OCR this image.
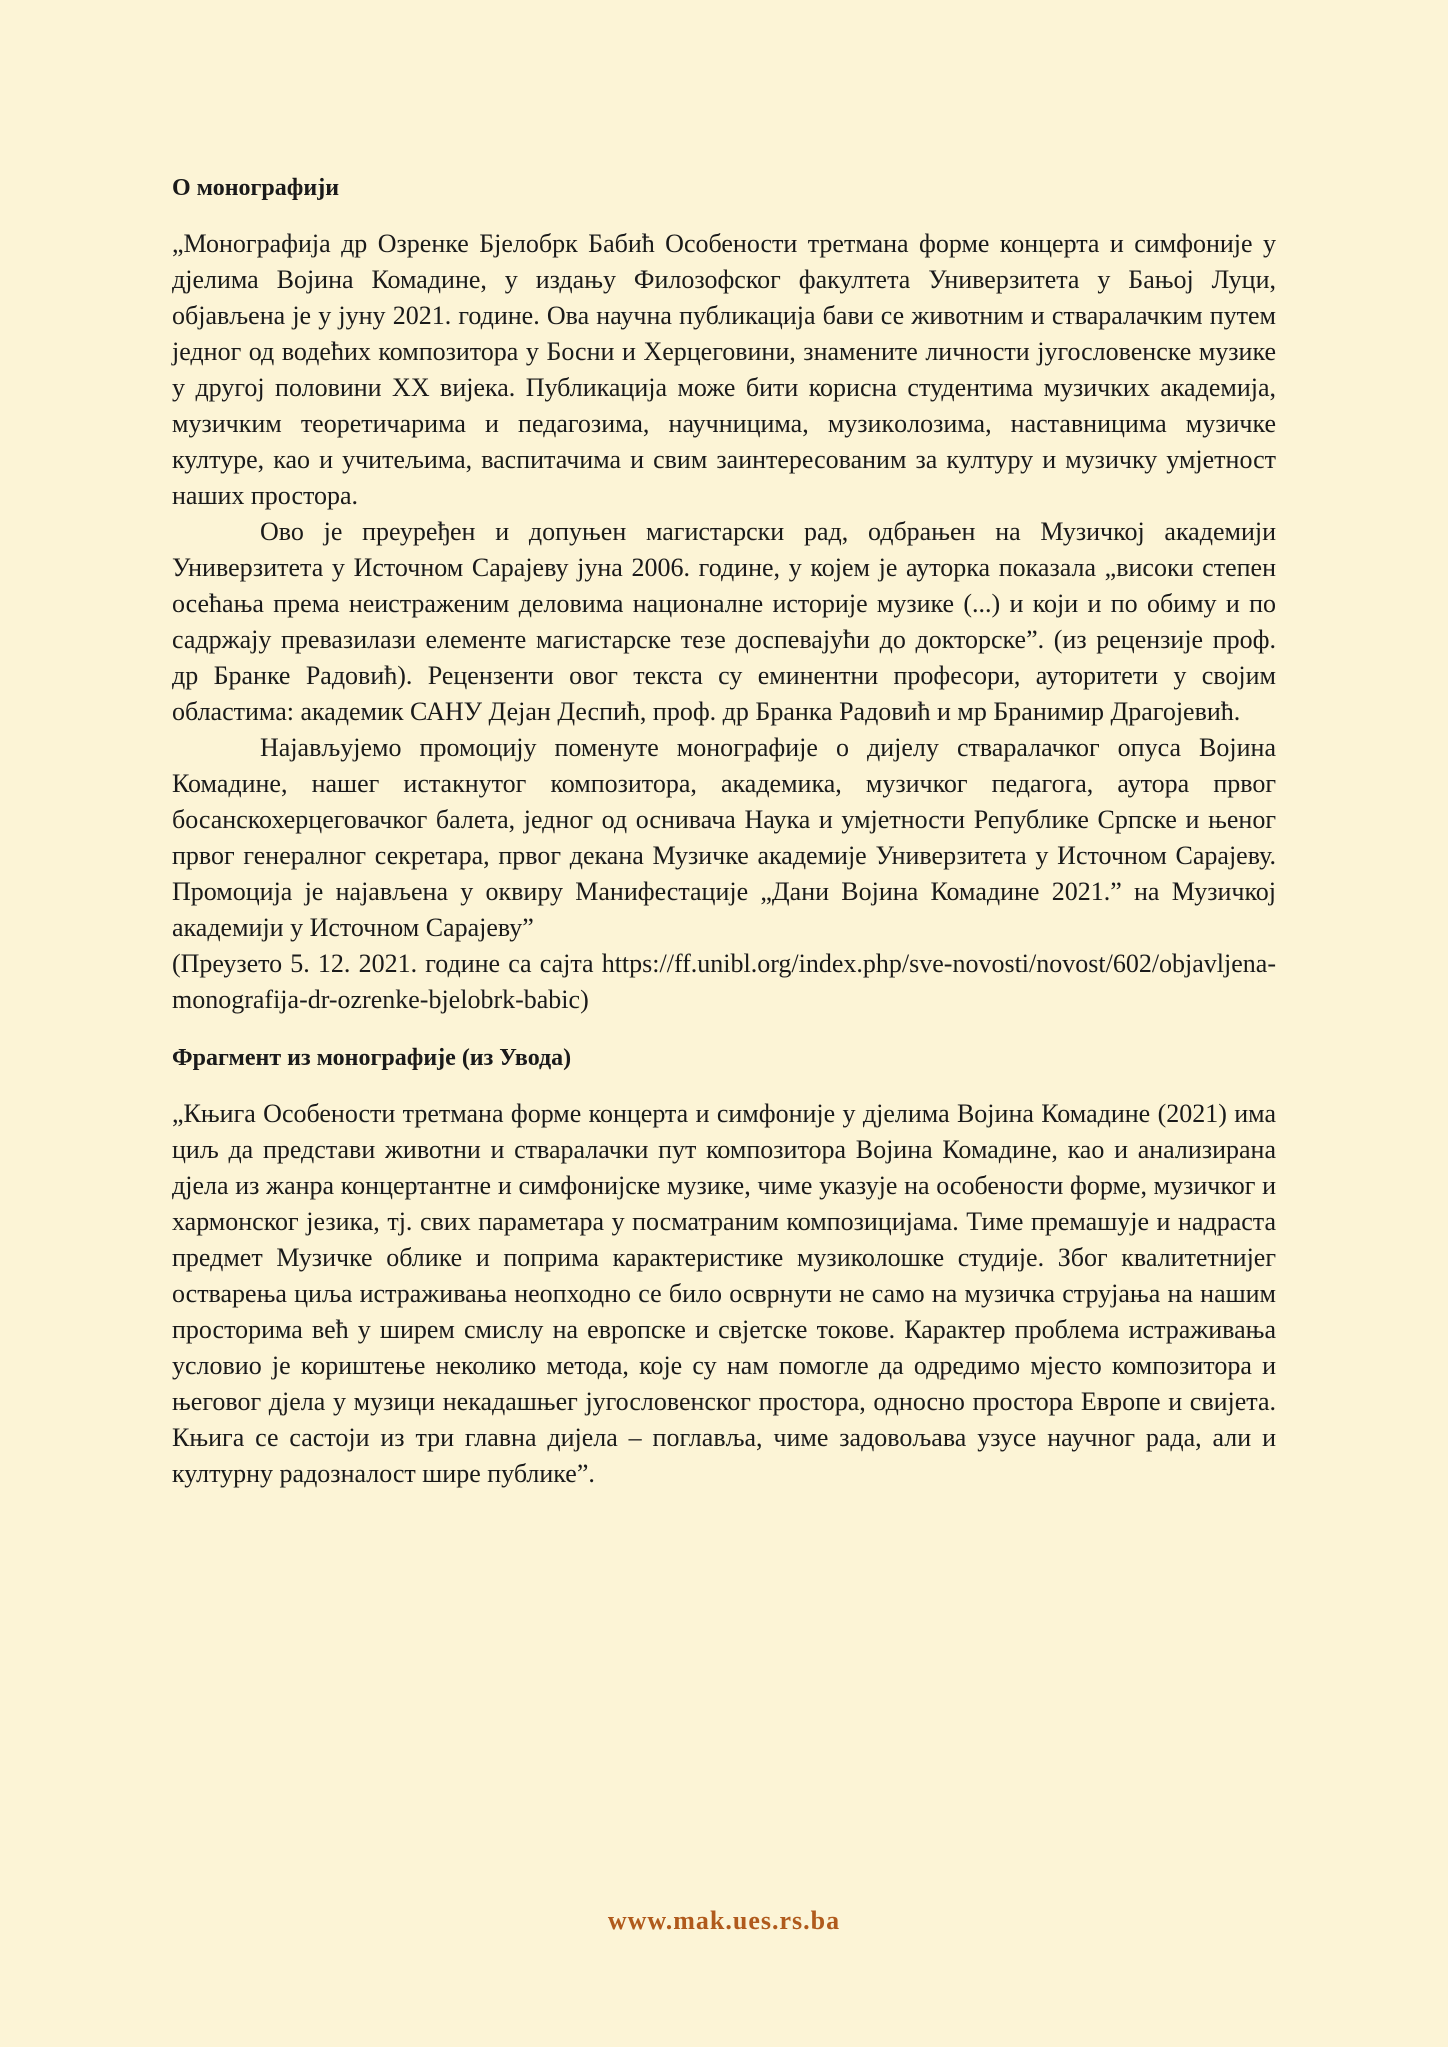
О монографији

„Монографија др Озренке Бјелобрк Бабић Особености третмана форме концерта и симфоније у дјелима Војина Комадине, у издању Филозофског факултета Универзитета у Бањој Луци, објављена је у јуну 2021. године. Ова научна публикација бави се животним и стваралачким путем једног од водећих композитора у Босни и Херцеговини, знамените личности југословенске музике у другој половини XX вијека. Публикација може бити корисна студентима музичких академија, музичким теоретичарима и педагозима, научницима, музикoлозима, наставницима музичке културе, као и учитељима, васпитачима и свим заинтересованим за културу и музичку умјетност наших простора.

Ово је преуређен и допуњен магистарски рад, одбрањен на Музичкој академији Универзитета у Источном Сарајеву јуна 2006. године, у којем је ауторка показала „високи степен осећања према неистраженим деловима националне историје музике (...) и који и по обиму и по садржају превазилази елементе магистарске тезе доспевајући до докторске”. (из рецензије проф. др Бранке Радовић). Рецензенти овог текста су еминентни професори, ауторитети у својим областима: академик САНУ Дејан Деспић, проф. др Бранка Радовић и мр Бранимир Драгојевић.

Најављујемо промоцију поменуте монографије о дијелу стваралачког опуса Војина Комадине, нашег истакнутог композитора, академика, музичког педагога, аутора првог босанскохерцеговачког балета, једног од оснивача Наука и умјетности Републике Српске и њеног првог генералног секретара, првог декана Музичке академије Универзитета у Источном Сарајеву. Промоција је најављена у оквиру Манифестације „Дани Војина Комадине 2021.” на Музичкој академији у Источном Сарајеву”

(Преузето 5. 12. 2021. године са сајта https://ff.unibl.org/index.php/sve-novosti/novost/602/objavljena-monografija-dr-ozrenke-bjelobrk-babic)

Фрагмент из монографије (из Увода)

„Књига Особености третмана форме концерта и симфоније у дјелима Војина Комадине (2021) има циљ да представи животни и стваралачки пут композитора Војина Комадине, као и анализирана дјела из жанра концертантне и симфонијске музике, чиме указује на особености форме, музичког и хармонског језика, тј. свих параметара у посматраним композицијама. Тиме премашује и надраста предмет Музичке облике и поприма карактеристике музиколошке студије. Због квалитетнијег остварења циља истраживања неопходно се било осврнути не само на музичка струјања на нашим просторима већ у ширем смислу на европске и свјетске токове. Карактер проблема истраживања условио је кориштење неколико метода, које су нам помогле да одредимо мјесто композитора и његовог дјела у музици некадашњег југословенског простора, односно простора Европе и свијета. Књига се састоји из три главна дијела – поглавља, чиме задовољава узусе научног рада, али и културну радозналост шире публике”.

www.mak.ues.rs.ba
